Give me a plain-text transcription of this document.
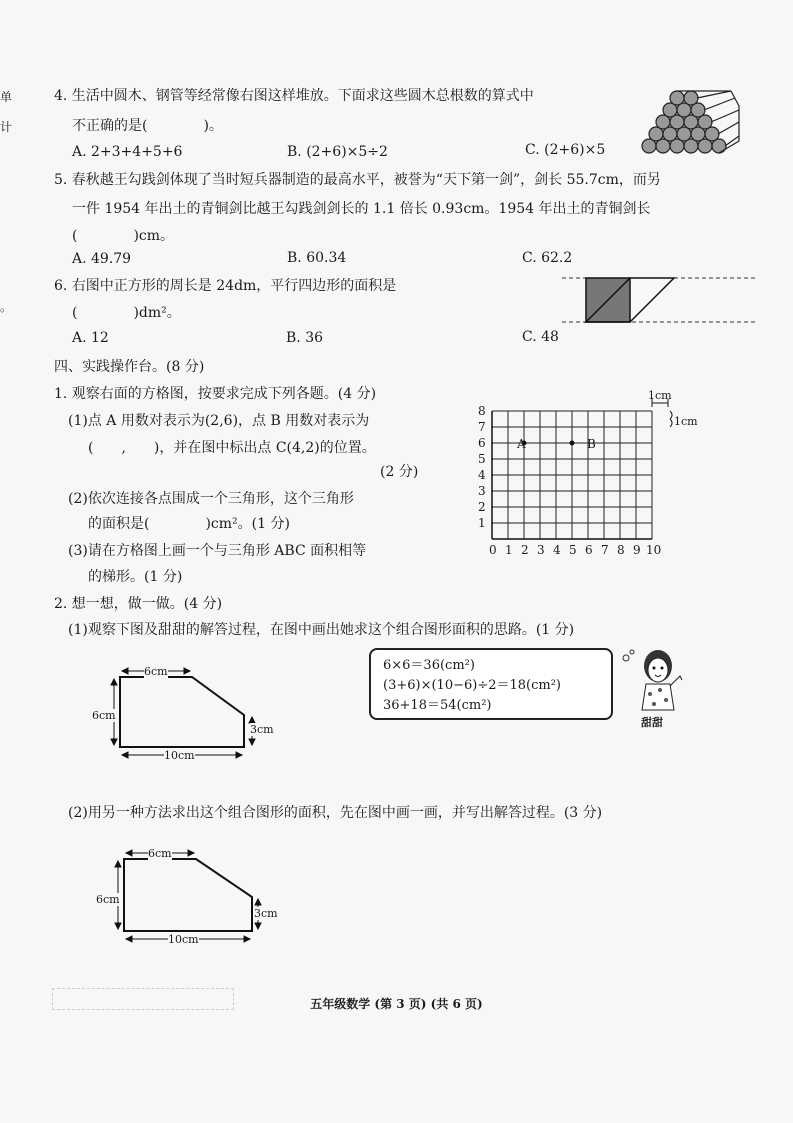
4. 生活中圆木、钢管等经常像右图这样堆放。下面求这些圆木总根数的算式中
不正确的是(　　　　)。
A. 2+3+4+5+6	B. (2+6)×5÷2	C. (2+6)×5
5. 春秋越王勾践剑体现了当时短兵器制造的最高水平，被誉为“天下第一剑”，剑长 55.7cm，而另
一件 1954 年出土的青铜剑比越王勾践剑剑长的 1.1 倍长 0.93cm。1954 年出土的青铜剑长
(　　　　)cm。
A. 49.79	B. 60.34	C. 62.2
6. 右图中正方形的周长是 24dm，平行四边形的面积是
(　　　　)dm²。
A. 12	B. 36	C. 48
四、实践操作台。(8 分)
1. 观察右面的方格图，按要求完成下列各题。(4 分)
(1)点 A 用数对表示为(2,6)，点 B 用数对表示为
(　　,　　)，并在图中标出点 C(4,2)的位置。
(2 分)
(2)依次连接各点围成一个三角形，这个三角形
的面积是(　　　　)cm²。(1 分)
(3)请在方格图上画一个与三角形 ABC 面积相等
的梯形。(1 分)
1
2
3
4
5
6
7
8
0 1 2 3 4 5 6 7 8 9 10
A	B
1cm
1cm
2. 想一想，做一做。(4 分)
(1)观察下图及甜甜的解答过程，在图中画出她求这个组合图形面积的思路。(1 分)
6cm
6cm
3cm
10cm
6×6＝36(cm²)
(3+6)×(10−6)÷2＝18(cm²)
36+18＝54(cm²)
甜甜
(2)用另一种方法求出这个组合图形的面积，先在图中画一画，并写出解答过程。(3 分)
6cm
6cm
3cm
10cm
五年级数学 (第 3 页) (共 6 页)
单
计
。
